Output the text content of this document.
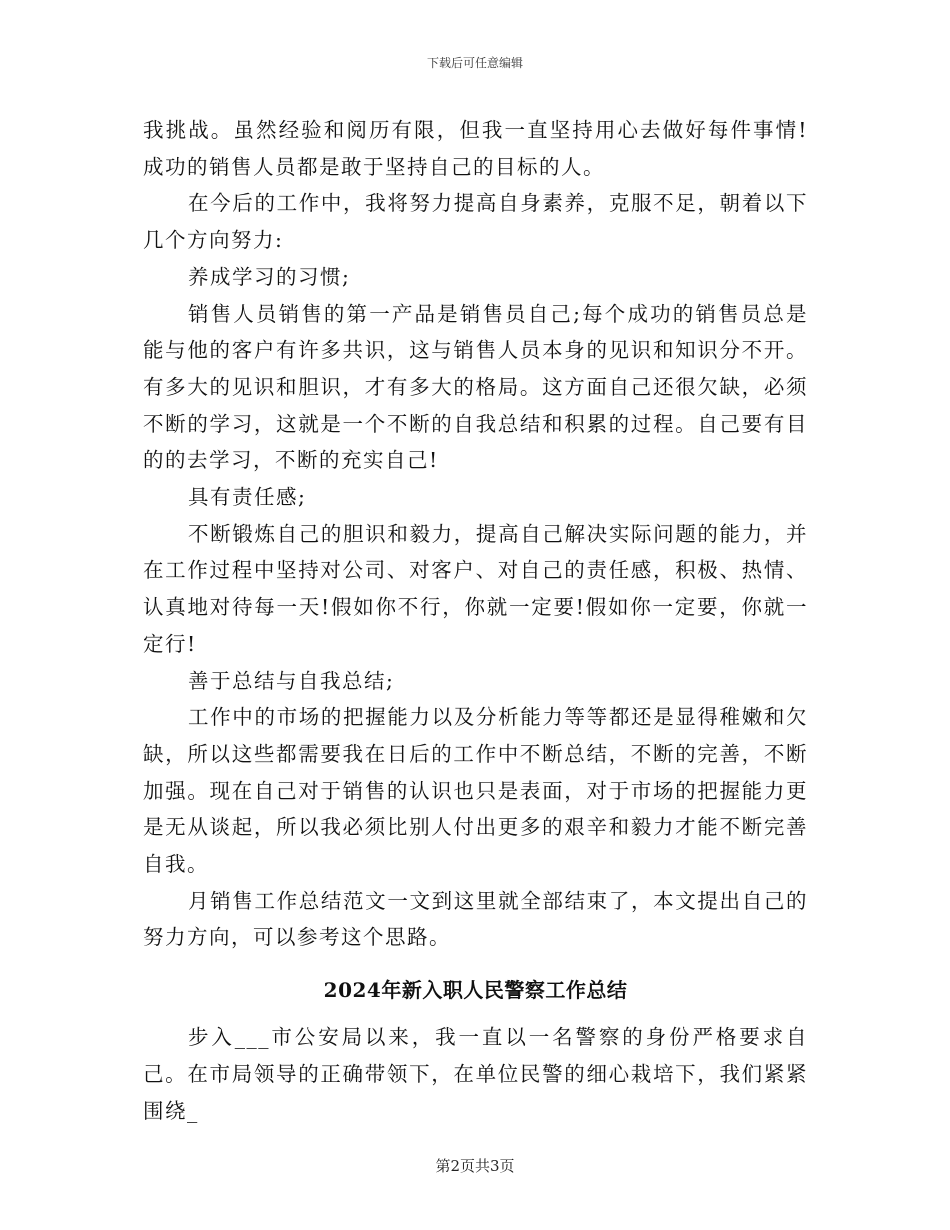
下载后可任意编辑

我挑战。虽然经验和阅历有限，但我一直坚持用心去做好每件事情!成功的销售人员都是敢于坚持自己的目标的人。

在今后的工作中，我将努力提高自身素养，克服不足，朝着以下几个方向努力:

养成学习的习惯;

销售人员销售的第一产品是销售员自己;每个成功的销售员总是能与他的客户有许多共识，这与销售人员本身的见识和知识分不开。有多大的见识和胆识，才有多大的格局。这方面自己还很欠缺，必须不断的学习，这就是一个不断的自我总结和积累的过程。自己要有目的的去学习，不断的充实自己!

具有责任感;

不断锻炼自己的胆识和毅力，提高自己解决实际问题的能力，并在工作过程中坚持对公司、对客户、对自己的责任感，积极、热情、认真地对待每一天!假如你不行，你就一定要!假如你一定要，你就一定行!

善于总结与自我总结;

工作中的市场的把握能力以及分析能力等等都还是显得稚嫩和欠缺，所以这些都需要我在日后的工作中不断总结，不断的完善，不断加强。现在自己对于销售的认识也只是表面，对于市场的把握能力更是无从谈起，所以我必须比别人付出更多的艰辛和毅力才能不断完善自我。

月销售工作总结范文一文到这里就全部结束了，本文提出自己的努力方向，可以参考这个思路。

2024年新入职人民警察工作总结

步入___市公安局以来，我一直以一名警察的身份严格要求自己。在市局领导的正确带领下，在单位民警的细心栽培下，我们紧紧围绕_

第2页共3页
